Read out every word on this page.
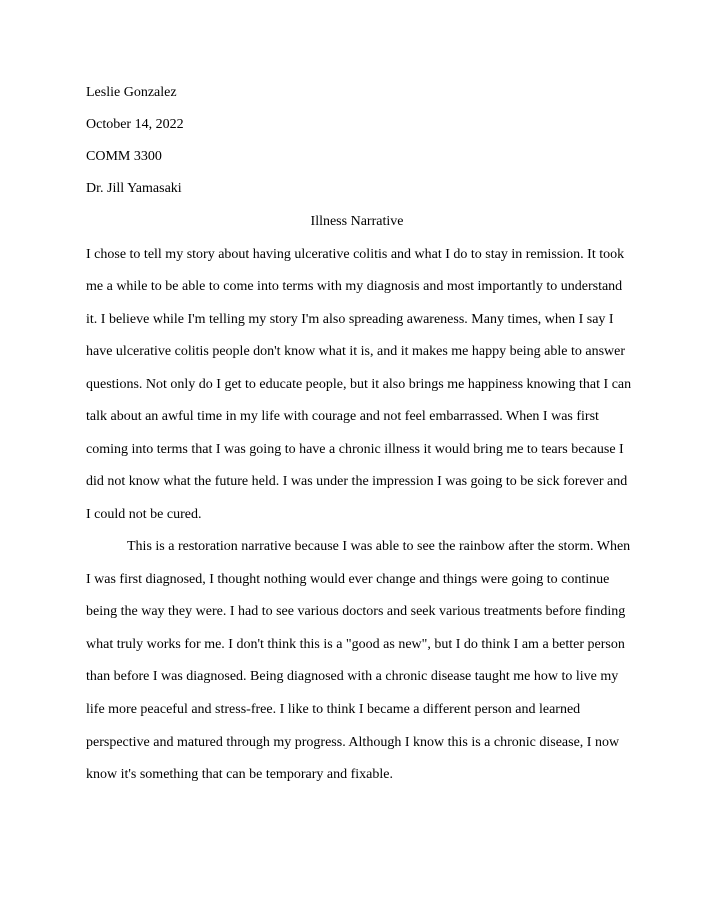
Leslie Gonzalez
October 14, 2022
COMM 3300
Dr. Jill Yamasaki
Illness Narrative
I chose to tell my story about having ulcerative colitis and what I do to stay in remission. It took
me a while to be able to come into terms with my diagnosis and most importantly to understand
it. I believe while I'm telling my story I'm also spreading awareness. Many times, when I say I
have ulcerative colitis people don't know what it is, and it makes me happy being able to answer
questions. Not only do I get to educate people, but it also brings me happiness knowing that I can
talk about an awful time in my life with courage and not feel embarrassed. When I was first
coming into terms that I was going to have a chronic illness it would bring me to tears because I
did not know what the future held. I was under the impression I was going to be sick forever and
I could not be cured.
This is a restoration narrative because I was able to see the rainbow after the storm. When
I was first diagnosed, I thought nothing would ever change and things were going to continue
being the way they were. I had to see various doctors and seek various treatments before finding
what truly works for me. I don't think this is a "good as new", but I do think I am a better person
than before I was diagnosed. Being diagnosed with a chronic disease taught me how to live my
life more peaceful and stress-free. I like to think I became a different person and learned
perspective and matured through my progress. Although I know this is a chronic disease, I now
know it's something that can be temporary and fixable.
